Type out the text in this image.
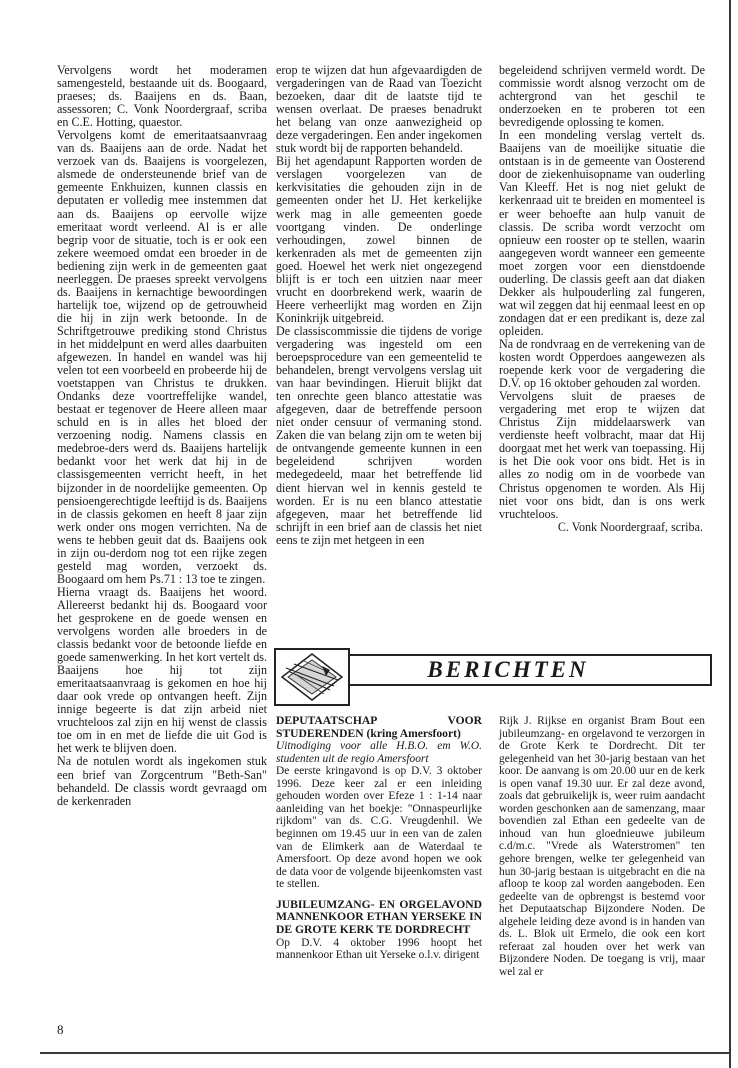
Vervolgens wordt het moderamen samengesteld, bestaande uit ds. Boogaard, praeses; ds. Baaijens en ds. Baan, assessoren; C. Vonk Noordergraaf, scriba en C.E. Hotting, quaestor.

Vervolgens komt de emeritaatsaanvraag van ds. Baaijens aan de orde. Nadat het verzoek van ds. Baaijens is voorgelezen, alsmede de ondersteunende brief van de gemeente Enkhuizen, kunnen classis en deputaten er volledig mee instemmen dat aan ds. Baaijens op eervolle wijze emeritaat wordt verleend. Al is er alle begrip voor de situatie, toch is er ook een zekere weemoed omdat een broeder in de bediening zijn werk in de gemeenten gaat neerleggen. De praeses spreekt vervolgens ds. Baaijens in kernachtige bewoordingen hartelijk toe, wijzend op de getrouwheid die hij in zijn werk betoonde. In de Schriftgetrouwe prediking stond Christus in het middelpunt en werd alles daarbuiten afgewezen. In handel en wandel was hij velen tot een voorbeeld en probeerde hij de voetstappen van Christus te drukken. Ondanks deze voortreffelijke wandel, bestaat er tegenover de Heere alleen maar schuld en is in alles het bloed der verzoening nodig. Namens classis en medebroe-ders werd ds. Baaijens hartelijk bedankt voor het werk dat hij in de classisgemeenten verricht heeft, in het bijzonder in de noordelijke gemeenten. Op pensioengerechtigde leeftijd is ds. Baaijens in de classis gekomen en heeft 8 jaar zijn werk onder ons mogen verrichten. Na de wens te hebben geuit dat ds. Baaijens ook in zijn ou-derdom nog tot een rijke zegen gesteld mag worden, verzoekt ds. Boogaard om hem Ps.71 : 13 toe te zingen.

Hierna vraagt ds. Baaijens het woord. Allereerst bedankt hij ds. Boogaard voor het gesprokene en de goede wensen en vervolgens worden alle broeders in de classis bedankt voor de betoonde liefde en goede samenwerking. In het kort vertelt ds. Baaijens hoe hij tot zijn emeritaatsaanvraag is gekomen en hoe hij daar ook vrede op ontvangen heeft. Zijn innige begeerte is dat zijn arbeid niet vruchteloos zal zijn en hij wenst de classis toe om in en met de liefde die uit God is het werk te blijven doen.

Na de notulen wordt als ingekomen stuk een brief van Zorgcentrum "Beth-San" behandeld. De classis wordt gevraagd om de kerkenraden

erop te wijzen dat hun afgevaardigden de vergaderingen van de Raad van Toezicht bezoeken, daar dit de laatste tijd te wensen overlaat. De praeses benadrukt het belang van onze aanwezigheid op deze vergaderingen. Een ander ingekomen stuk wordt bij de rapporten behandeld.

Bij het agendapunt Rapporten worden de verslagen voorgelezen van de kerkvisitaties die gehouden zijn in de gemeenten onder het IJ. Het kerkelijke werk mag in alle gemeenten goede voortgang vinden. De onderlinge verhoudingen, zowel binnen de kerkenraden als met de gemeenten zijn goed. Hoewel het werk niet ongezegend blijft is er toch een uitzien naar meer vrucht en doorbrekend werk, waarin de Heere verheerlijkt mag worden en Zijn Koninkrijk uitgebreid.

De classiscommissie die tijdens de vorige vergadering was ingesteld om een beroepsprocedure van een gemeentelid te behandelen, brengt vervolgens verslag uit van haar bevindingen. Hieruit blijkt dat ten onrechte geen blanco attestatie was afgegeven, daar de betreffende persoon niet onder censuur of vermaning stond. Zaken die van belang zijn om te weten bij de ontvangende gemeente kunnen in een begeleidend schrijven worden medegedeeld, maar het betreffende lid dient hiervan wel in kennis gesteld te worden. Er is nu een blanco attestatie afgegeven, maar het betreffende lid schrijft in een brief aan de classis het niet eens te zijn met hetgeen in een

begeleidend schrijven vermeld wordt. De commissie wordt alsnog verzocht om de achtergrond van het geschil te onderzoeken en te proberen tot een bevredigende oplossing te komen.

In een mondeling verslag vertelt ds. Baaijens van de moeilijke situatie die ontstaan is in de gemeente van Oosterend door de ziekenhuisopname van ouderling Van Kleeff. Het is nog niet gelukt de kerkenraad uit te breiden en momenteel is er weer behoefte aan hulp vanuit de classis. De scriba wordt verzocht om opnieuw een rooster op te stellen, waarin aangegeven wordt wanneer een gemeente moet zorgen voor een dienstdoende ouderling. De classis geeft aan dat diaken Dekker als hulpouderling zal fungeren, wat wil zeggen dat hij eenmaal leest en op zondagen dat er een predikant is, deze zal opleiden.

Na de rondvraag en de verrekening van de kosten wordt Opperdoes aangewezen als roepende kerk voor de vergadering die D.V. op 16 oktober gehouden zal worden.

Vervolgens sluit de praeses de vergadering met erop te wijzen dat Christus Zijn middelaarswerk van verdienste heeft volbracht, maar dat Hij doorgaat met het werk van toepassing. Hij is het Die ook voor ons bidt. Het is in alles zo nodig om in de voorbede van Christus opgenomen te worden. Als Hij niet voor ons bidt, dan is ons werk vruchteloos.

C. Vonk Noordergraaf, scriba.

BERICHTEN

DEPUTAATSCHAP VOOR STUDERENDEN (kring Amersfoort)

Uitnodiging voor alle H.B.O. em W.O. studenten uit de regio Amersfoort

De eerste kringavond is op D.V. 3 oktober 1996. Deze keer zal er een inleiding gehouden worden over Efeze 1 : 1-14 naar aanleiding van het boekje: "Onnaspeurlijke rijkdom" van ds. C.G. Vreugdenhil. We beginnen om 19.45 uur in een van de zalen van de Elimkerk aan de Waterdaal te Amersfoort. Op deze avond hopen we ook de data voor de volgende bijeenkomsten vast te stellen.

JUBILEUMZANG- EN ORGELAVOND MANNENKOOR ETHAN YERSEKE IN DE GROTE KERK TE DORDRECHT

Op D.V. 4 oktober 1996 hoopt het mannenkoor Ethan uit Yerseke o.l.v. dirigent

Rijk J. Rijkse en organist Bram Bout een jubileumzang- en orgelavond te verzorgen in de Grote Kerk te Dordrecht. Dit ter gelegenheid van het 30-jarig bestaan van het koor. De aanvang is om 20.00 uur en de kerk is open vanaf 19.30 uur. Er zal deze avond, zoals dat gebruikelijk is, weer ruim aandacht worden geschonken aan de samenzang, maar bovendien zal Ethan een gedeelte van de inhoud van hun gloednieuwe jubileum c.d/m.c. "Vrede als Waterstromen" ten gehore brengen, welke ter gelegenheid van hun 30-jarig bestaan is uitgebracht en die na afloop te koop zal worden aangeboden. Een gedeelte van de opbrengst is bestemd voor het Deputaatschap Bijzondere Noden. De algehele leiding deze avond is in handen van ds. L. Blok uit Ermelo, die ook een kort referaat zal houden over het werk van Bijzondere Noden. De toegang is vrij, maar wel zal er

8
